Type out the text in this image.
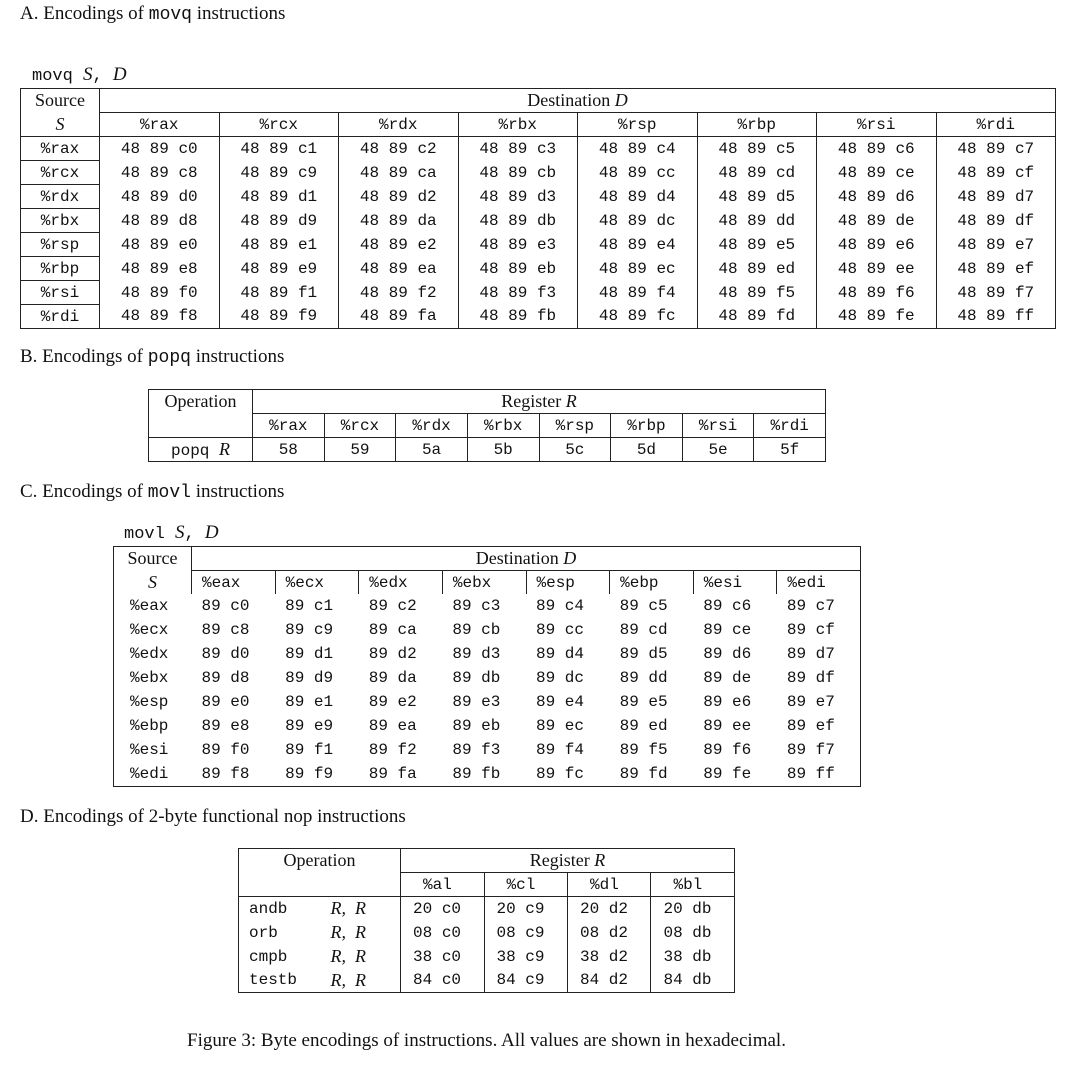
A. Encodings of movq instructions
movq S, D
Source	Destination D							
S	%rax	%rcx	%rdx	%rbx	%rsp	%rbp	%rsi	%rdi
%rax	48 89 c0	48 89 c1	48 89 c2	48 89 c3	48 89 c4	48 89 c5	48 89 c6	48 89 c7
%rcx	48 89 c8	48 89 c9	48 89 ca	48 89 cb	48 89 cc	48 89 cd	48 89 ce	48 89 cf
%rdx	48 89 d0	48 89 d1	48 89 d2	48 89 d3	48 89 d4	48 89 d5	48 89 d6	48 89 d7
%rbx	48 89 d8	48 89 d9	48 89 da	48 89 db	48 89 dc	48 89 dd	48 89 de	48 89 df
%rsp	48 89 e0	48 89 e1	48 89 e2	48 89 e3	48 89 e4	48 89 e5	48 89 e6	48 89 e7
%rbp	48 89 e8	48 89 e9	48 89 ea	48 89 eb	48 89 ec	48 89 ed	48 89 ee	48 89 ef
%rsi	48 89 f0	48 89 f1	48 89 f2	48 89 f3	48 89 f4	48 89 f5	48 89 f6	48 89 f7
%rdi	48 89 f8	48 89 f9	48 89 fa	48 89 fb	48 89 fc	48 89 fd	48 89 fe	48 89 ff
B. Encodings of popq instructions
Operation	Register R							
	%rax	%rcx	%rdx	%rbx	%rsp	%rbp	%rsi	%rdi
popq R	58	59	5a	5b	5c	5d	5e	5f
C. Encodings of movl instructions
movl S, D
Source	Destination D							
S	%eax	%ecx	%edx	%ebx	%esp	%ebp	%esi	%edi
%eax	89 c0	89 c1	89 c2	89 c3	89 c4	89 c5	89 c6	89 c7
%ecx	89 c8	89 c9	89 ca	89 cb	89 cc	89 cd	89 ce	89 cf
%edx	89 d0	89 d1	89 d2	89 d3	89 d4	89 d5	89 d6	89 d7
%ebx	89 d8	89 d9	89 da	89 db	89 dc	89 dd	89 de	89 df
%esp	89 e0	89 e1	89 e2	89 e3	89 e4	89 e5	89 e6	89 e7
%ebp	89 e8	89 e9	89 ea	89 eb	89 ec	89 ed	89 ee	89 ef
%esi	89 f0	89 f1	89 f2	89 f3	89 f4	89 f5	89 f6	89 f7
%edi	89 f8	89 f9	89 fa	89 fb	89 fc	89 fd	89 fe	89 ff
D. Encodings of 2-byte functional nop instructions
Operation		Register R			
		%al	%cl	%dl	%bl
andb	R,  R	20 c0	20 c9	20 d2	20 db
orb	R,  R	08 c0	08 c9	08 d2	08 db
cmpb	R,  R	38 c0	38 c9	38 d2	38 db
testb	R,  R	84 c0	84 c9	84 d2	84 db
Figure 3: Byte encodings of instructions. All values are shown in hexadecimal.
